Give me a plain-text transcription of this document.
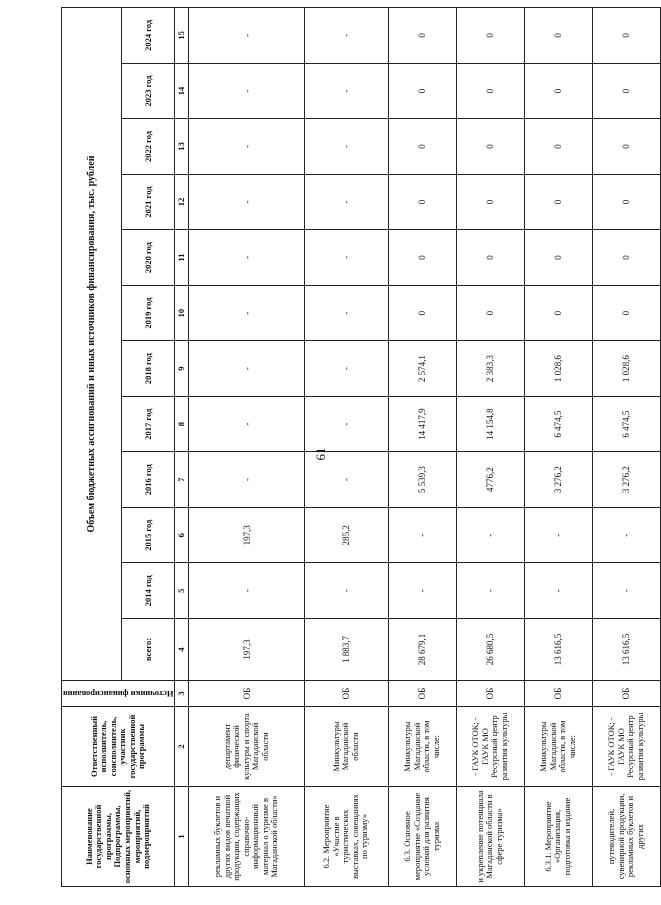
61
Наименование государственной программы, Подпрограммы, основных мероприятий, мероприятий, подмероприятий	Ответственный исполнитель, соисполнитель, участник государственной программы	Источники финансирования	Объем бюджетных ассигнований и иных источников финансирования, тыс. рублей											
			всего:	2014 год	2015 год	2016 год	2017 год	2018 год	2019 год	2020 год	2021 год	2022 год	2023 год	2024 год
1	2	3	4	5	6	7	8	9	10	11	12	13	14	15
рекламных буклетов и других видов печатной продукции, содержащих справочно-информационный материал о туризме в Магаданской области»	департамент физической культуры и спорта Магаданской области	ОБ	197,3	-	197,3	-	-	-	-	-	-	-	-	-
6.2. Мероприятие «Участие в туристических выставках, совещаниях по туризму»	Минкультуры Магаданской области	ОБ	1 883,7	-	285,2	-	-	-	-	-	-	-	-	-
6.3. Основное мероприятие «Создание условий для развития туризма	Минкультуры Магаданской области, в том числе:	ОБ	28 679,1	-	-	5 539,3	14 417,9	2 574,1	0	0	0	0	0	0
и укрепление потенциала Магаданской области в сфере туризма»	- ГАУК ОТОК; - ГАУК МО Ресурсный центр развития культуры	ОБ	26 680,5	-	-	4776,2	14 154,8	2 383,3	0	0	0	0	0	0
6.3.1. Мероприятие «Организация, подготовка и издание	Минкультуры Магаданской области, в том числе:	ОБ	13 616,5	-	-	3 276,2	6 474,5	1 028,6	0	0	0	0	0	0
путеводителей, сувенирной продукции, рекламных буклетов и других	- ГАУК ОТОК; - ГАУК МО Ресурсный центр развития культуры	ОБ	13 616,5	-	-	3 276,2	6 474,5	1 028,6	0	0	0	0	0	0
